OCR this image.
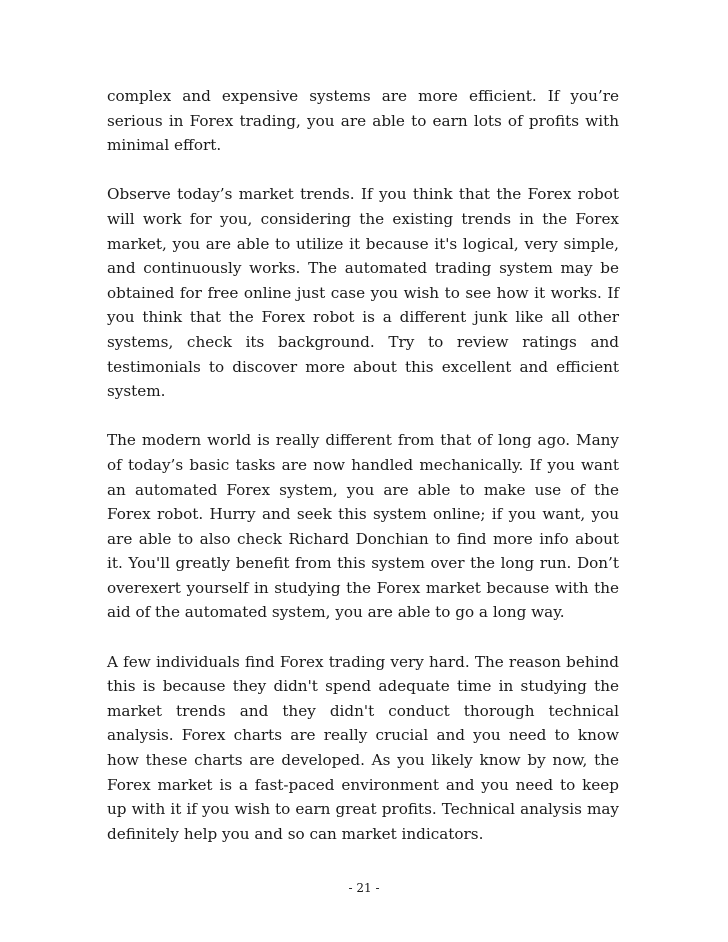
complex and expensive systems are more efficient. If you’re serious in Forex trading, you are able to earn lots of profits with minimal effort.

Observe today’s market trends. If you think that the Forex robot will work for you, considering the existing trends in the Forex market, you are able to utilize it because it's logical, very simple, and continuously works. The automated trading system may be obtained for free online just case you wish to see how it works. If you think that the Forex robot is a different junk like all other systems, check its background. Try to review ratings and testimonials to discover more about this excellent and efficient system.

The modern world is really different from that of long ago. Many of today’s basic tasks are now handled mechanically. If you want an automated Forex system, you are able to make use of the Forex robot. Hurry and seek this system online; if you want, you are able to also check Richard Donchian to find more info about it. You'll greatly benefit from this system over the long run. Don’t overexert yourself in studying the Forex market because with the aid of the automated system, you are able to go a long way.

A few individuals find Forex trading very hard. The reason behind this is because they didn't spend adequate time in studying the market trends and they didn't conduct thorough technical analysis. Forex charts are really crucial and you need to know how these charts are developed. As you likely know by now, the Forex market is a fast-paced environment and you need to keep up with it if you wish to earn great profits. Technical analysis may definitely help you and so can market indicators.

- 21 -
